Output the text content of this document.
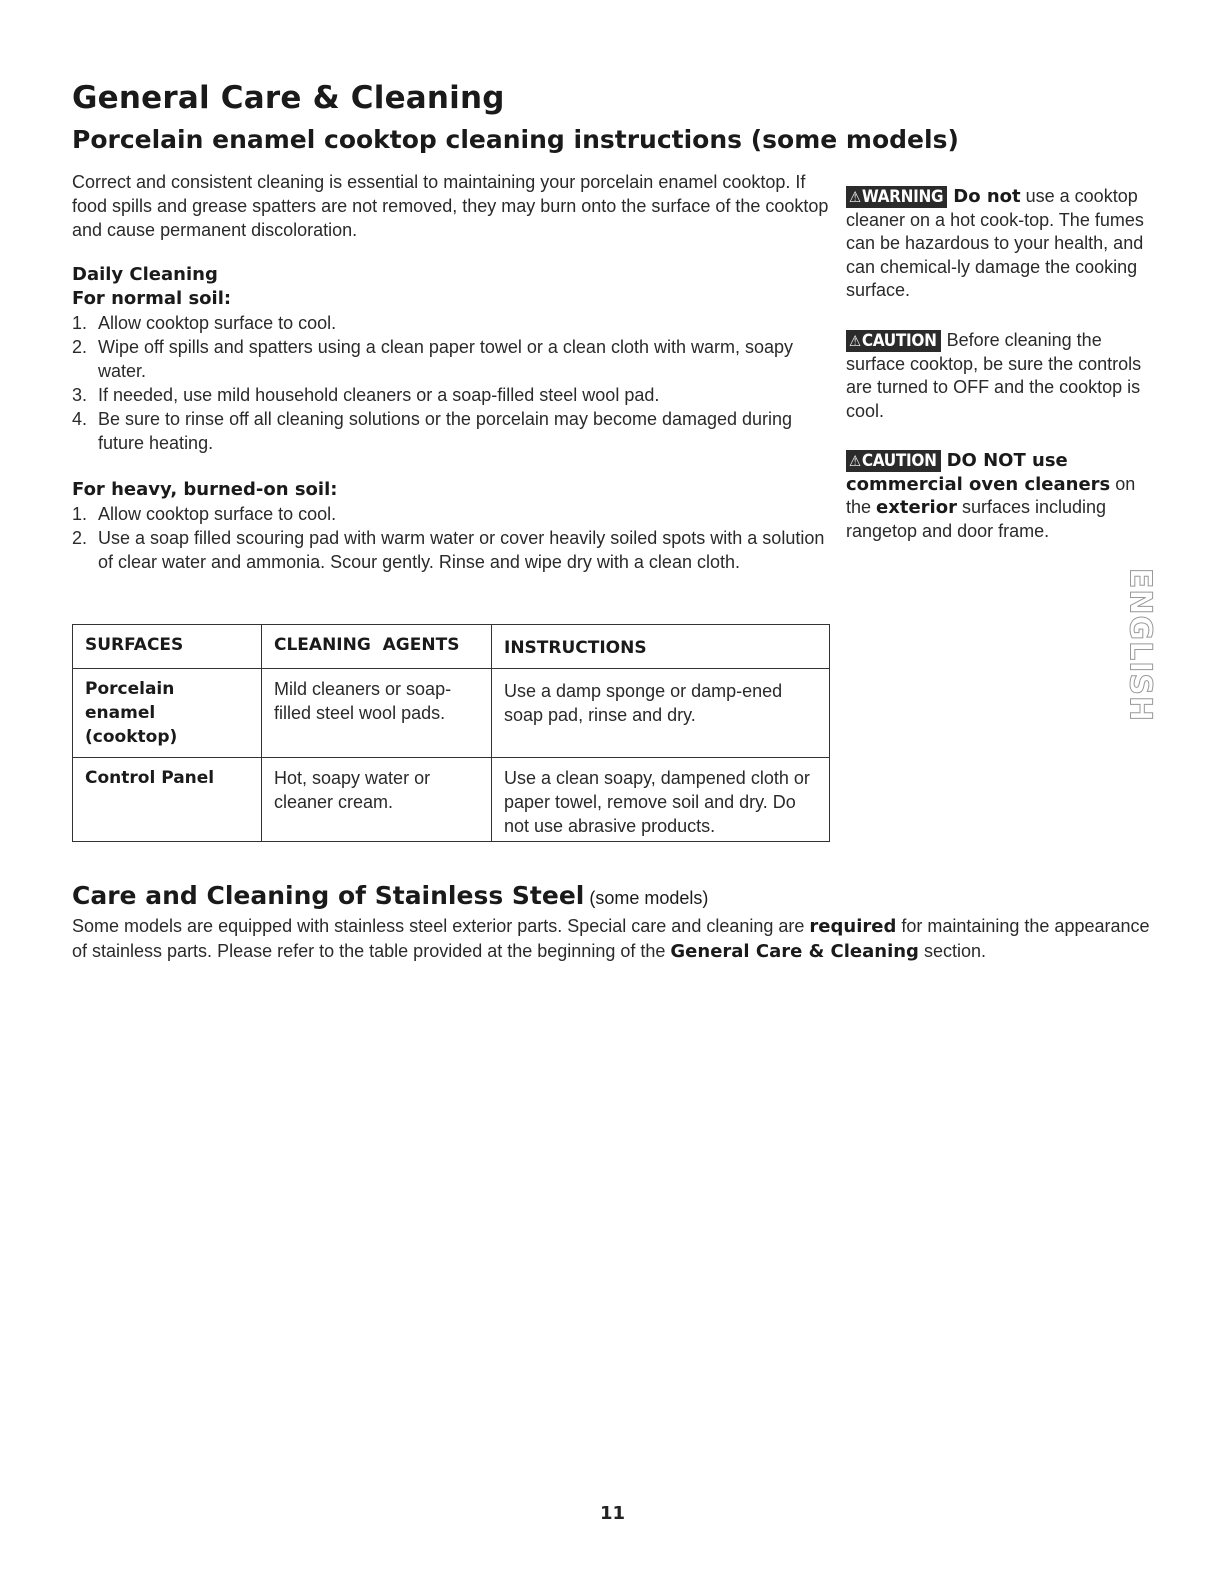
General Care & Cleaning
Porcelain enamel cooktop cleaning instructions (some models)
Correct and consistent cleaning is essential to maintaining your porcelain enamel cooktop. If food spills and grease spatters are not removed, they may burn onto the surface of the cooktop and cause permanent discoloration.
Daily Cleaning
For normal soil:
1. Allow cooktop surface to cool.
2. Wipe off spills and spatters using a clean paper towel or a clean cloth with warm, soapy water.
3. If needed, use mild household cleaners or a soap-filled steel wool pad.
4. Be sure to rinse off all cleaning solutions or the porcelain may become damaged during future heating.
For heavy, burned-on soil:
1. Allow cooktop surface to cool.
2. Use a soap filled scouring pad with warm water or cover heavily soiled spots with a solution of clear water and ammonia. Scour gently. Rinse and wipe dry with a clean cloth.
⚠WARNING Do not use a cooktop cleaner on a hot cook-top. The fumes can be hazardous to your health, and can chemical-ly damage the cooking surface.
⚠CAUTION Before cleaning the surface cooktop, be sure the controls are turned to OFF and the cooktop is cool.
⚠CAUTION DO NOT use commercial oven cleaners on the exterior surfaces including rangetop and door frame.
SURFACES	CLEANING  AGENTS	INSTRUCTIONS
Porcelain enamel (cooktop)	Mild cleaners or soap-filled steel wool pads.	Use a damp sponge or damp-ened soap pad, rinse and dry.
Control Panel	Hot, soapy water or cleaner cream.	Use a clean soapy, dampened cloth or paper towel, remove soil and dry. Do not use abrasive products.
Care and Cleaning of Stainless Steel (some models)
Some models are equipped with stainless steel exterior parts. Special care and cleaning are required for maintaining the appearance of stainless parts. Please refer to the table provided at the beginning of the General Care & Cleaning section.
ENGLISH
11
